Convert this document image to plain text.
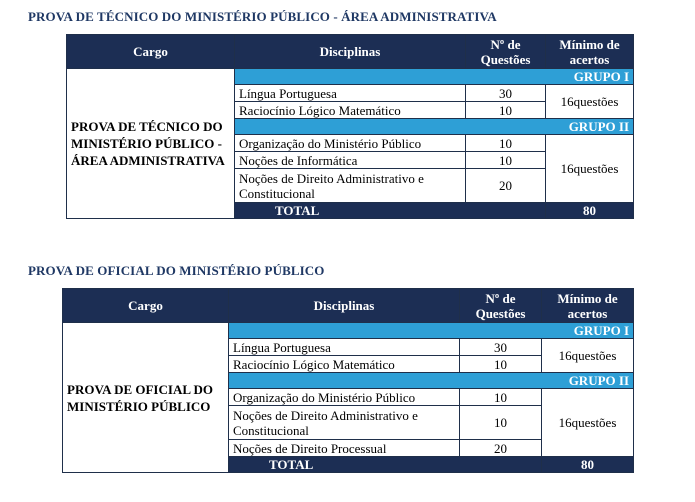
PROVA DE TÉCNICO DO MINISTÉRIO PÚBLICO - ÁREA ADMINISTRATIVA
Cargo	Disciplinas	Nº de Questões	Mínimo de acertos	
PROVA DE TÉCNICO DO MINISTÉRIO PÚBLICO - ÁREA ADMINISTRATIVA	GRUPO I			
	Língua Portuguesa	30	16questões	
	Raciocínio Lógico Matemático	10		
	GRUPO II			
	Organização do Ministério Público	10	16questões	
	Noções de Informática	10		
	Noções de Direito Administrativo e Constitucional	20		
	TOTAL		80	
PROVA DE OFICIAL DO MINISTÉRIO PÚBLICO
Cargo	Disciplinas	Nº de Questões	Mínimo de acertos	
PROVA DE OFICIAL DO MINISTÉRIO PÚBLICO	GRUPO I			
	Língua Portuguesa	30	16questões	
	Raciocínio Lógico Matemático	10		
	GRUPO II			
	Organização do Ministério Público	10	16questões	
	Noções de Direito Administrativo e Constitucional	10		
	Noções de Direito Processual	20		
	TOTAL		80	
